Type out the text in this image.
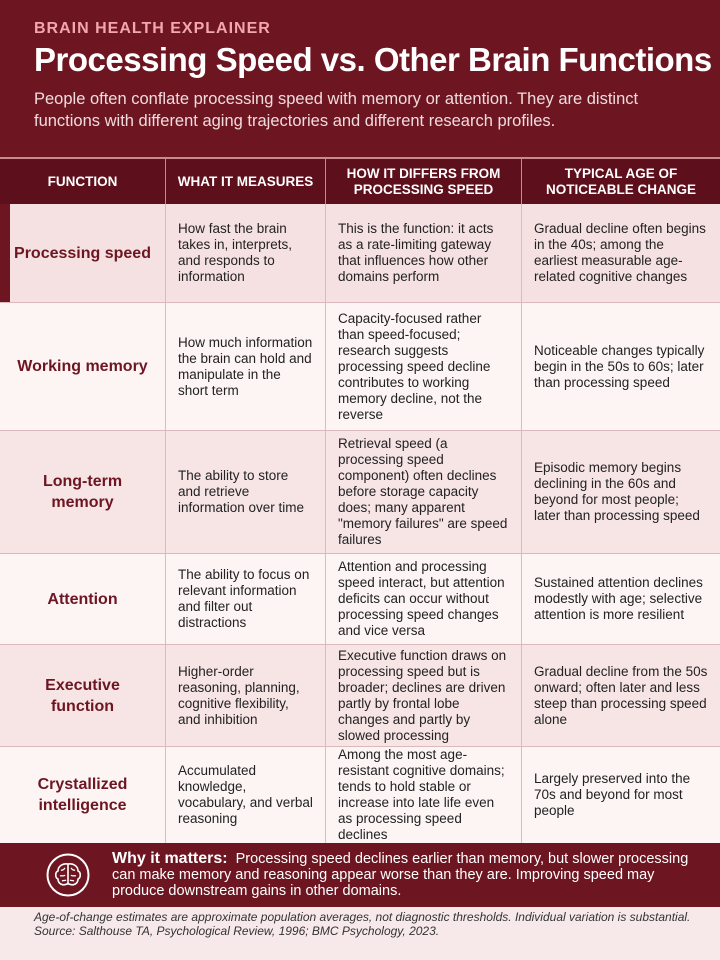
BRAIN HEALTH EXPLAINER
Processing Speed vs. Other Brain Functions
People often conflate processing speed with memory or attention. They are distinct functions with different aging trajectories and different research profiles.
FUNCTION	WHAT IT MEASURES
HOW IT DIFFERS FROM PROCESSING SPEED
TYPICAL AGE OF NOTICEABLE CHANGE
Processing speed
How fast the brain takes in, interprets, and responds to information
This is the function: it acts as a rate-limiting gateway that influences how other domains perform
Gradual decline often begins in the 40s; among the earliest measurable age-related cognitive changes
Working memory
How much information the brain can hold and manipulate in the short term
Capacity-focused rather than speed-focused; research suggests processing speed decline contributes to working memory decline, not the reverse
Noticeable changes typically begin in the 50s to 60s; later than processing speed
Long-term memory
The ability to store and retrieve information over time
Retrieval speed (a processing speed component) often declines before storage capacity does; many apparent "memory failures" are speed failures
Episodic memory begins declining in the 60s and beyond for most people; later than processing speed
Attention
The ability to focus on relevant information and filter out distractions
Attention and processing speed interact, but attention deficits can occur without processing speed changes and vice versa
Sustained attention declines modestly with age; selective attention is more resilient
Executive function
Higher-order reasoning, planning, cognitive flexibility, and inhibition
Executive function draws on processing speed but is broader; declines are driven partly by frontal lobe changes and partly by slowed processing
Gradual decline from the 50s onward; often later and less steep than processing speed alone
Crystallized intelligence
Accumulated knowledge, vocabulary, and verbal reasoning
Among the most age-resistant cognitive domains; tends to hold stable or increase into late life even as processing speed declines
Largely preserved into the 70s and beyond for most people
Why it matters: Processing speed declines earlier than memory, but slower processing can make memory and reasoning appear worse than they are. Improving speed may produce downstream gains in other domains.
Age-of-change estimates are approximate population averages, not diagnostic thresholds. Individual variation is substantial. Source: Salthouse TA, Psychological Review, 1996; BMC Psychology, 2023.
